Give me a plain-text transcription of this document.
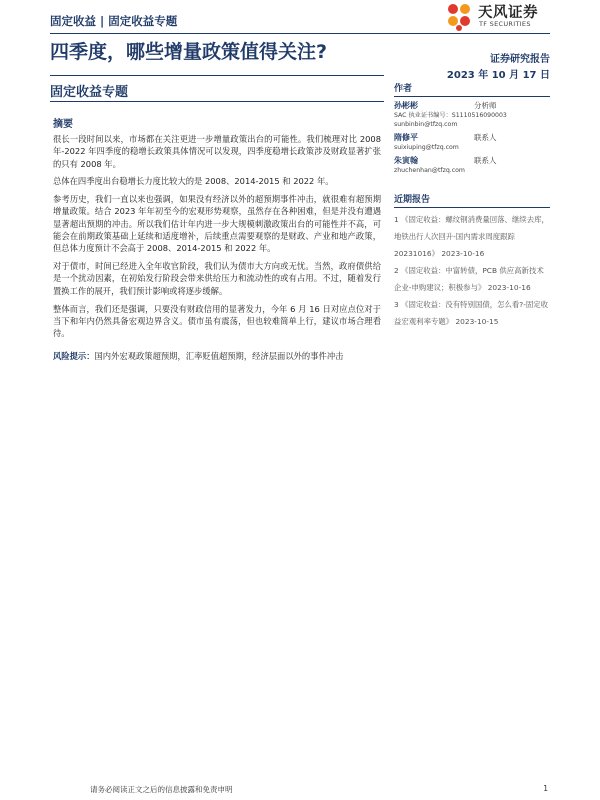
固定收益 | 固定收益专题	天风证券
TF SECURITIES
四季度，哪些增量政策值得关注?	证券研究报告
2023 年 10 月 17 日
固定收益专题
摘要

很长一段时间以来，市场都在关注更进一步增量政策出台的可能性。我们梳理对比 2008 年-2022 年四季度的稳增长政策具体情况可以发现，四季度稳增长政策涉及财政显著扩张的只有 2008 年。

总体在四季度出台稳增长力度比较大的是 2008、2014-2015 和 2022 年。

参考历史，我们一直以来也强调，如果没有经济以外的超预期事件冲击，就很难有超预期增量政策。结合 2023 年年初至今的宏观形势观察，虽然存在各种困难，但是并没有遭遇显著超出预期的冲击。所以我们估计年内进一步大规模刺激政策出台的可能性并不高，可能会在前期政策基础上延续和适度增补，后续重点需要观察的是财政、产业和地产政策，但总体力度预计不会高于 2008、2014-2015 和 2022 年。

对于债市，时间已经进入全年收官阶段，我们认为债市大方向或无忧。当然，政府债供给是一个扰动因素，在初始发行阶段会带来供给压力和流动性的或有占用。不过，随着发行置换工作的展开，我们预计影响或将逐步缓解。

整体而言，我们还是强调，只要没有财政信用的显著发力，今年 6 月 16 日对应点位对于当下和年内仍然具备宏观边界含义。债市虽有震荡，但也较难简单上行，建议市场合理看待。

风险提示：国内外宏观政策超预期，汇率贬值超预期，经济层面以外的事件冲击

作者
孙彬彬	分析师
SAC 执业证书编号：S1110516090003
sunbinbin@tfzq.com
隋修平	联系人
suixiuping@tfzq.com
朱寅翰	联系人
zhuchenhan@tfzq.com
近期报告
1 《固定收益：螺纹钢消费量回落、继续去库，地铁出行人次回升-国内需求周度跟踪 20231016》 2023-10-16
2 《固定收益：中富转债，PCB 供应高新技术企业-申购建议；积极参与》 2023-10-16
3 《固定收益：没有特别国债，怎么看?-固定收益宏观利率专题》 2023-10-15
请务必阅读正文之后的信息披露和免责申明	1
